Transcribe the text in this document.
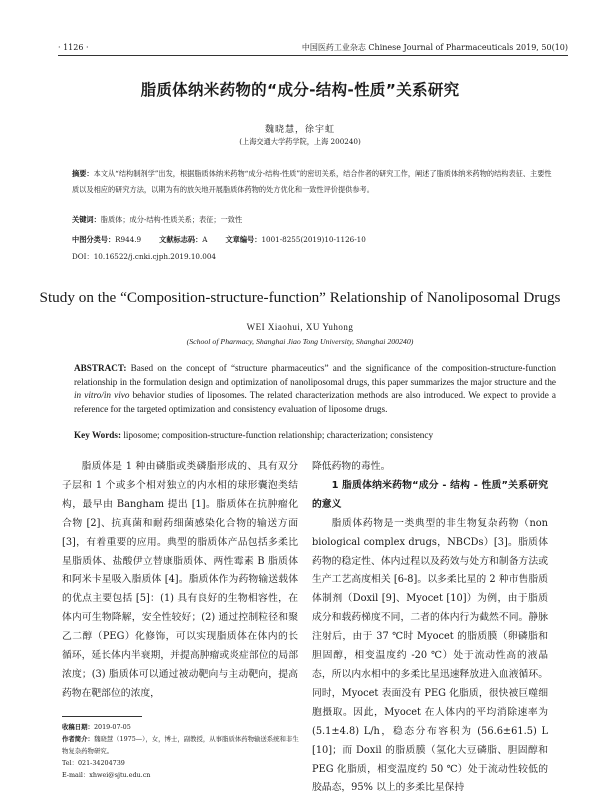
· 1126 ·	中国医药工业杂志 Chinese Journal of Pharmaceuticals 2019, 50(10)
脂质体纳米药物的“成分-结构-性质”关系研究
魏晓慧，徐宇虹
(上海交通大学药学院，上海 200240)
摘要：本文从“结构制剂学”出发，根据脂质体纳米药物“成分-结构-性质”的密切关系，结合作者的研究工作，阐述了脂质体纳米药物的结构表征、主要性质以及相应的研究方法，以期为有的放矢地开展脂质体药物的处方优化和一致性评价提供参考。
关键词：脂质体；成分-结构-性质关系；表征；一致性
中图分类号：R944.9	文献标志码：A	文章编号：1001-8255(2019)10-1126-10
DOI：10.16522/j.cnki.cjph.2019.10.004
Study on the “Composition-structure-function” Relationship of Nanoliposomal Drugs
WEI Xiaohui, XU Yuhong
(School of Pharmacy, Shanghai Jiao Tong University, Shanghai 200240)
ABSTRACT: Based on the concept of “structure pharmaceutics” and the significance of the composition-structure-function relationship in the formulation design and optimization of nanoliposomal drugs, this paper summarizes the major structure and the in vitro/in vivo behavior studies of liposomes. The related characterization methods are also introduced. We expect to provide a reference for the targeted optimization and consistency evaluation of liposome drugs.
Key Words: liposome; composition-structure-function relationship; characterization; consistency

脂质体是 1 种由磷脂或类磷脂形成的、具有双分子层和 1 个或多个相对独立的内水相的球形囊泡类结构，最早由 Bangham 提出 [1]。脂质体在抗肿瘤化合物 [2]、抗真菌和耐药细菌感染化合物的输送方面 [3]，有着重要的应用。典型的脂质体产品包括多柔比星脂质体、盐酸伊立替康脂质体、两性霉素 B 脂质体和阿米卡星吸入脂质体 [4]。脂质体作为药物输送载体的优点主要包括 [5]：(1) 具有良好的生物相容性，在体内可生物降解，安全性较好；(2) 通过控制粒径和聚乙二醇（PEG）化修饰，可以实现脂质体在体内的长循环，延长体内半衰期，并提高肿瘤或炎症部位的局部浓度；(3) 脂质体可以通过被动靶向与主动靶向，提高药物在靶部位的浓度，

降低药物的毒性。

1 脂质体纳米药物“成分 - 结构 - 性质”关系研究的意义

脂质体药物是一类典型的非生物复杂药物（non biological complex drugs，NBCDs）[3]。脂质体药物的稳定性、体内过程以及药效与处方和制备方法或生产工艺高度相关 [6-8]。以多柔比星的 2 种市售脂质体制剂（Doxil [9]、Myocet [10]）为例，由于脂质成分和载药梯度不同，二者的体内行为截然不同。静脉注射后，由于 37 ℃时 Myocet 的脂质膜（卵磷脂和胆固醇，相变温度约 -20 ℃）处于流动性高的液晶态，所以内水相中的多柔比星迅速释放进入血液循环。同时，Myocet 表面没有 PEG 化脂质，很快被巨噬细胞摄取。因此，Myocet 在人体内的平均消除速率为 (5.1±4.8) L/h，稳态分布容积为 (56.6±61.5) L [10]；而 Doxil 的脂质膜（氢化大豆磷脂、胆固醇和 PEG 化脂质，相变温度约 50 ℃）处于流动性较低的胶晶态，95% 以上的多柔比星保持

收稿日期：2019-07-05
作者简介：魏晓慧（1975—），女，博士，副教授，从事脂质体药物输送系统和非生物复杂药物研究。
Tel：021-34204739
E-mail：xhwei@sjtu.edu.cn
